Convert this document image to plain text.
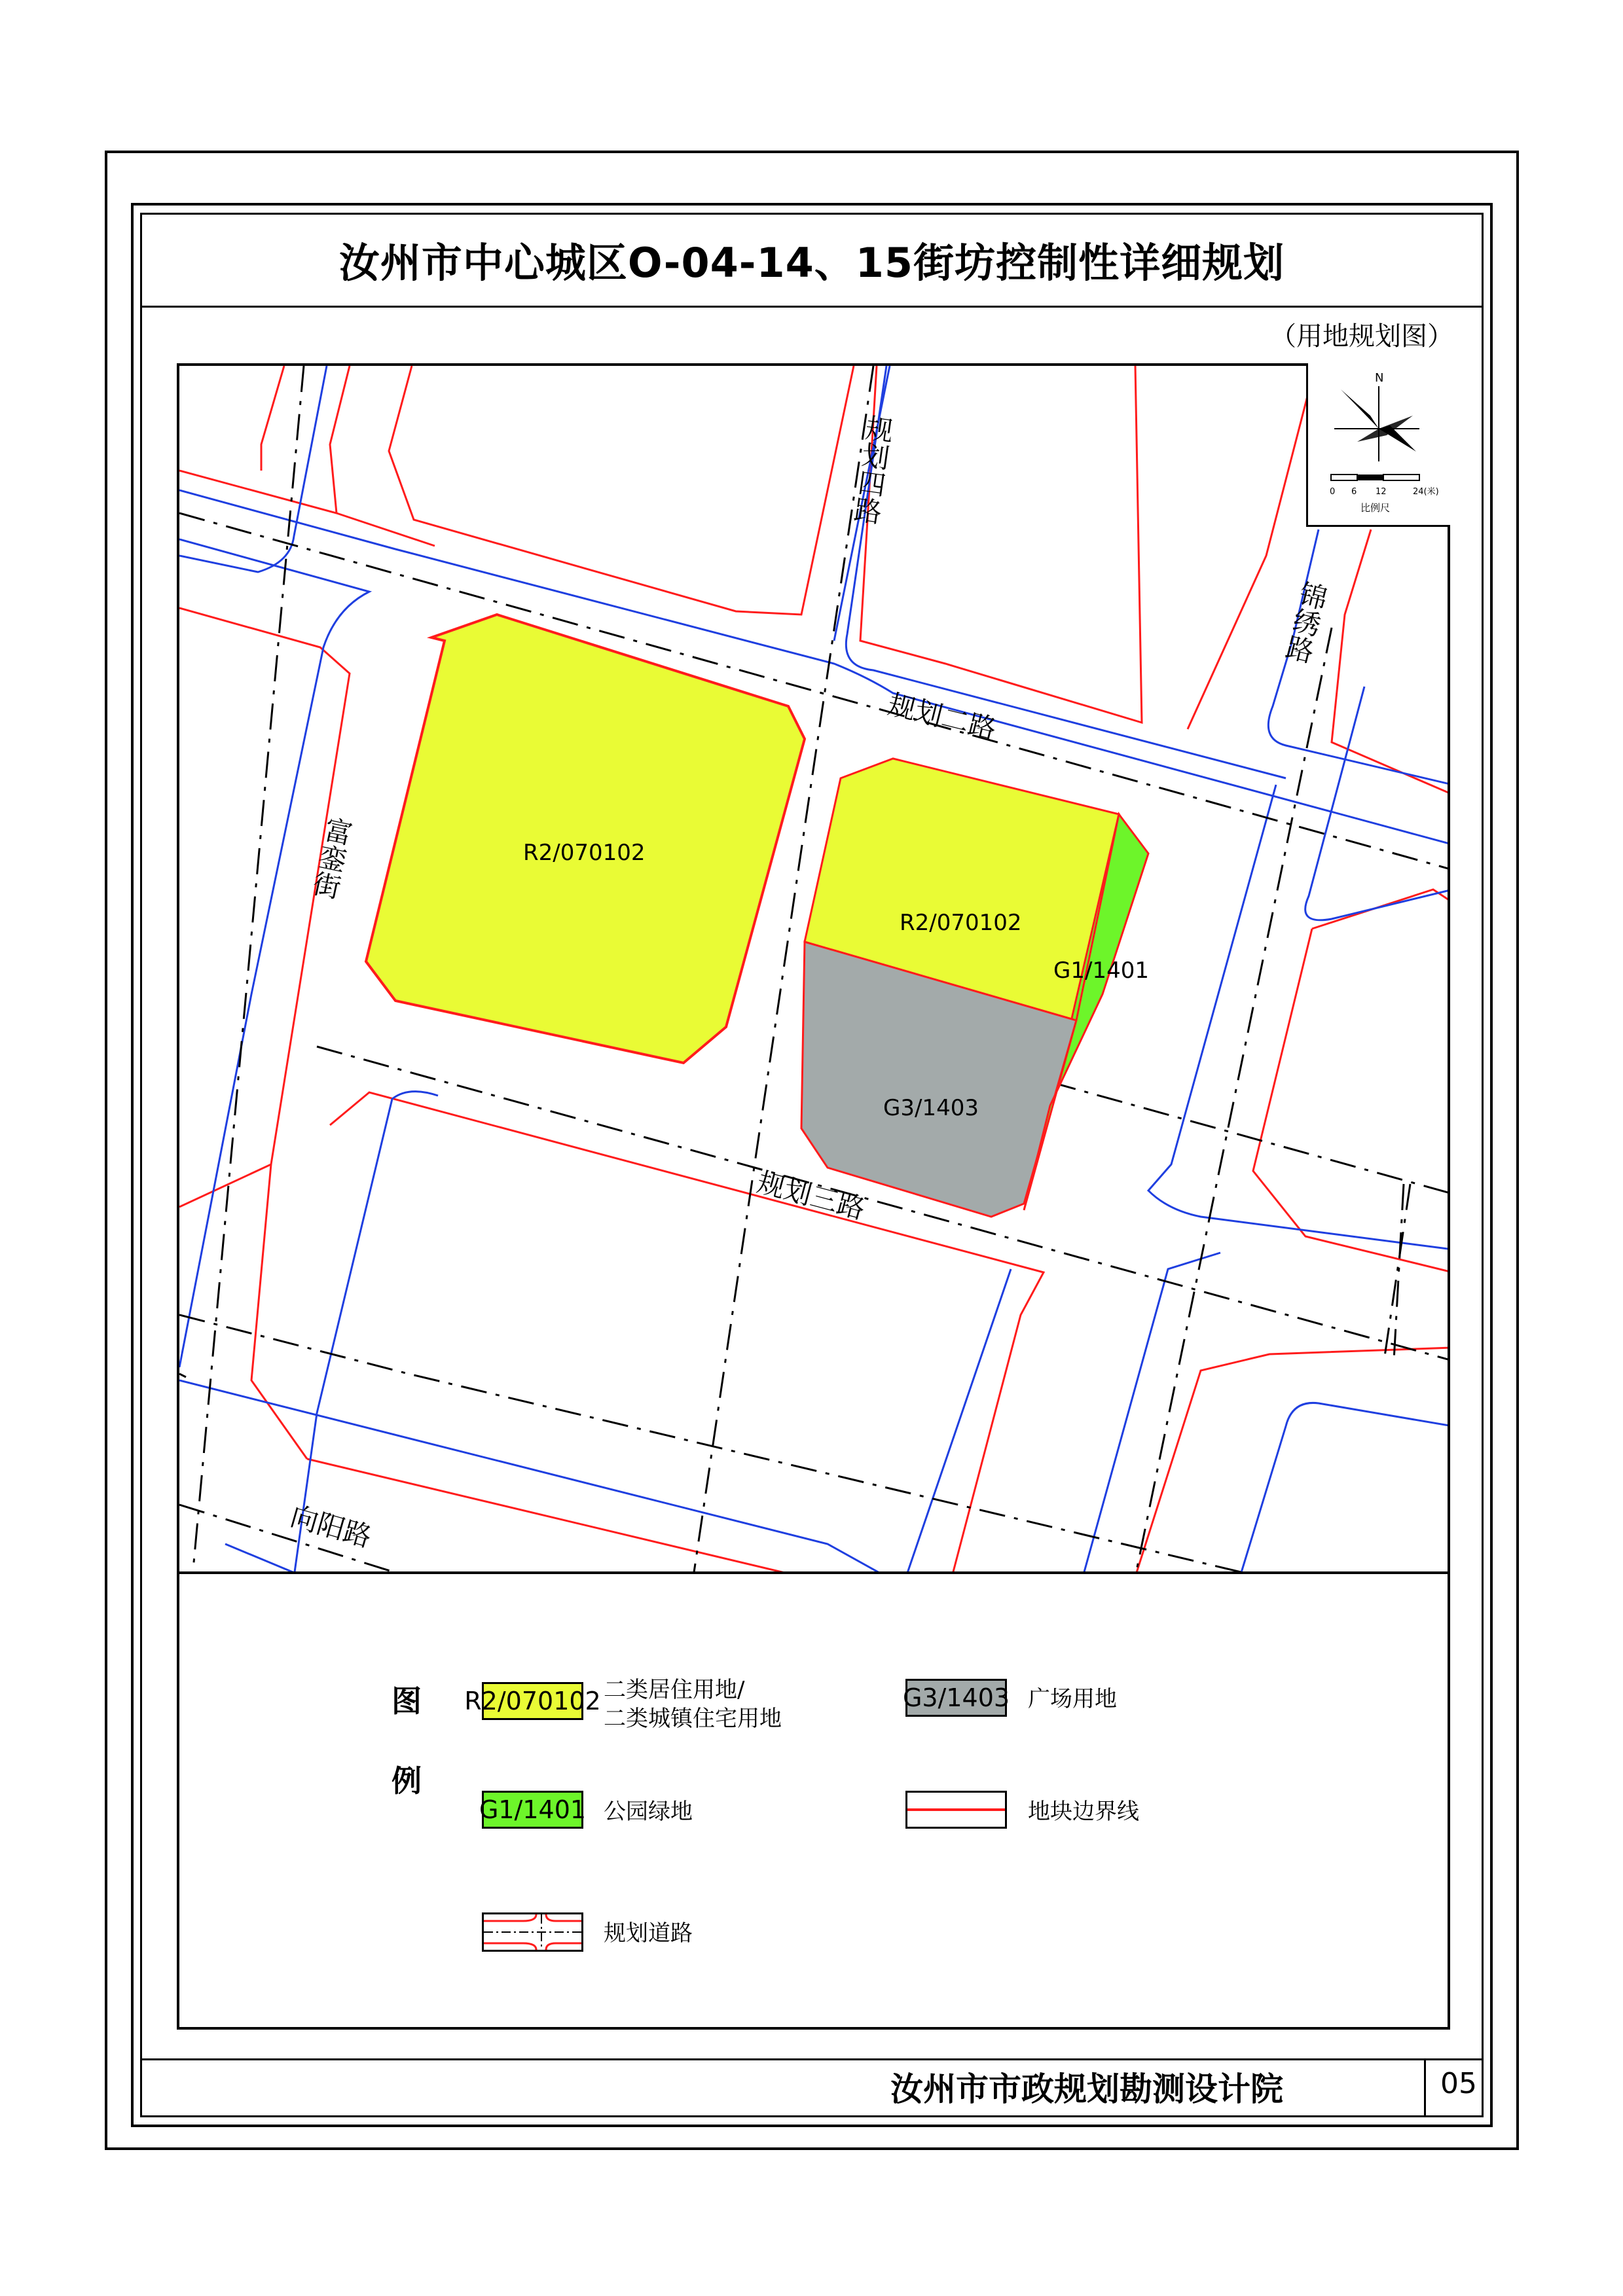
汝州市中心城区O-04-14、15街坊控制性详细规划
（用地规划图）
R2/070102
R2/070102
G1/1401
G3/1403
规划四路
规划二路
规划三路
锦绣路
富銮街
向阳路
N
0 6 12	24(米)
比例尺
图
例
R2/070102 二类居住用地/
二类城镇住宅用地
G3/1403 广场用地
G1/1401 公园绿地	地块边界线
规划道路
汝州市市政规划勘测设计院	05
